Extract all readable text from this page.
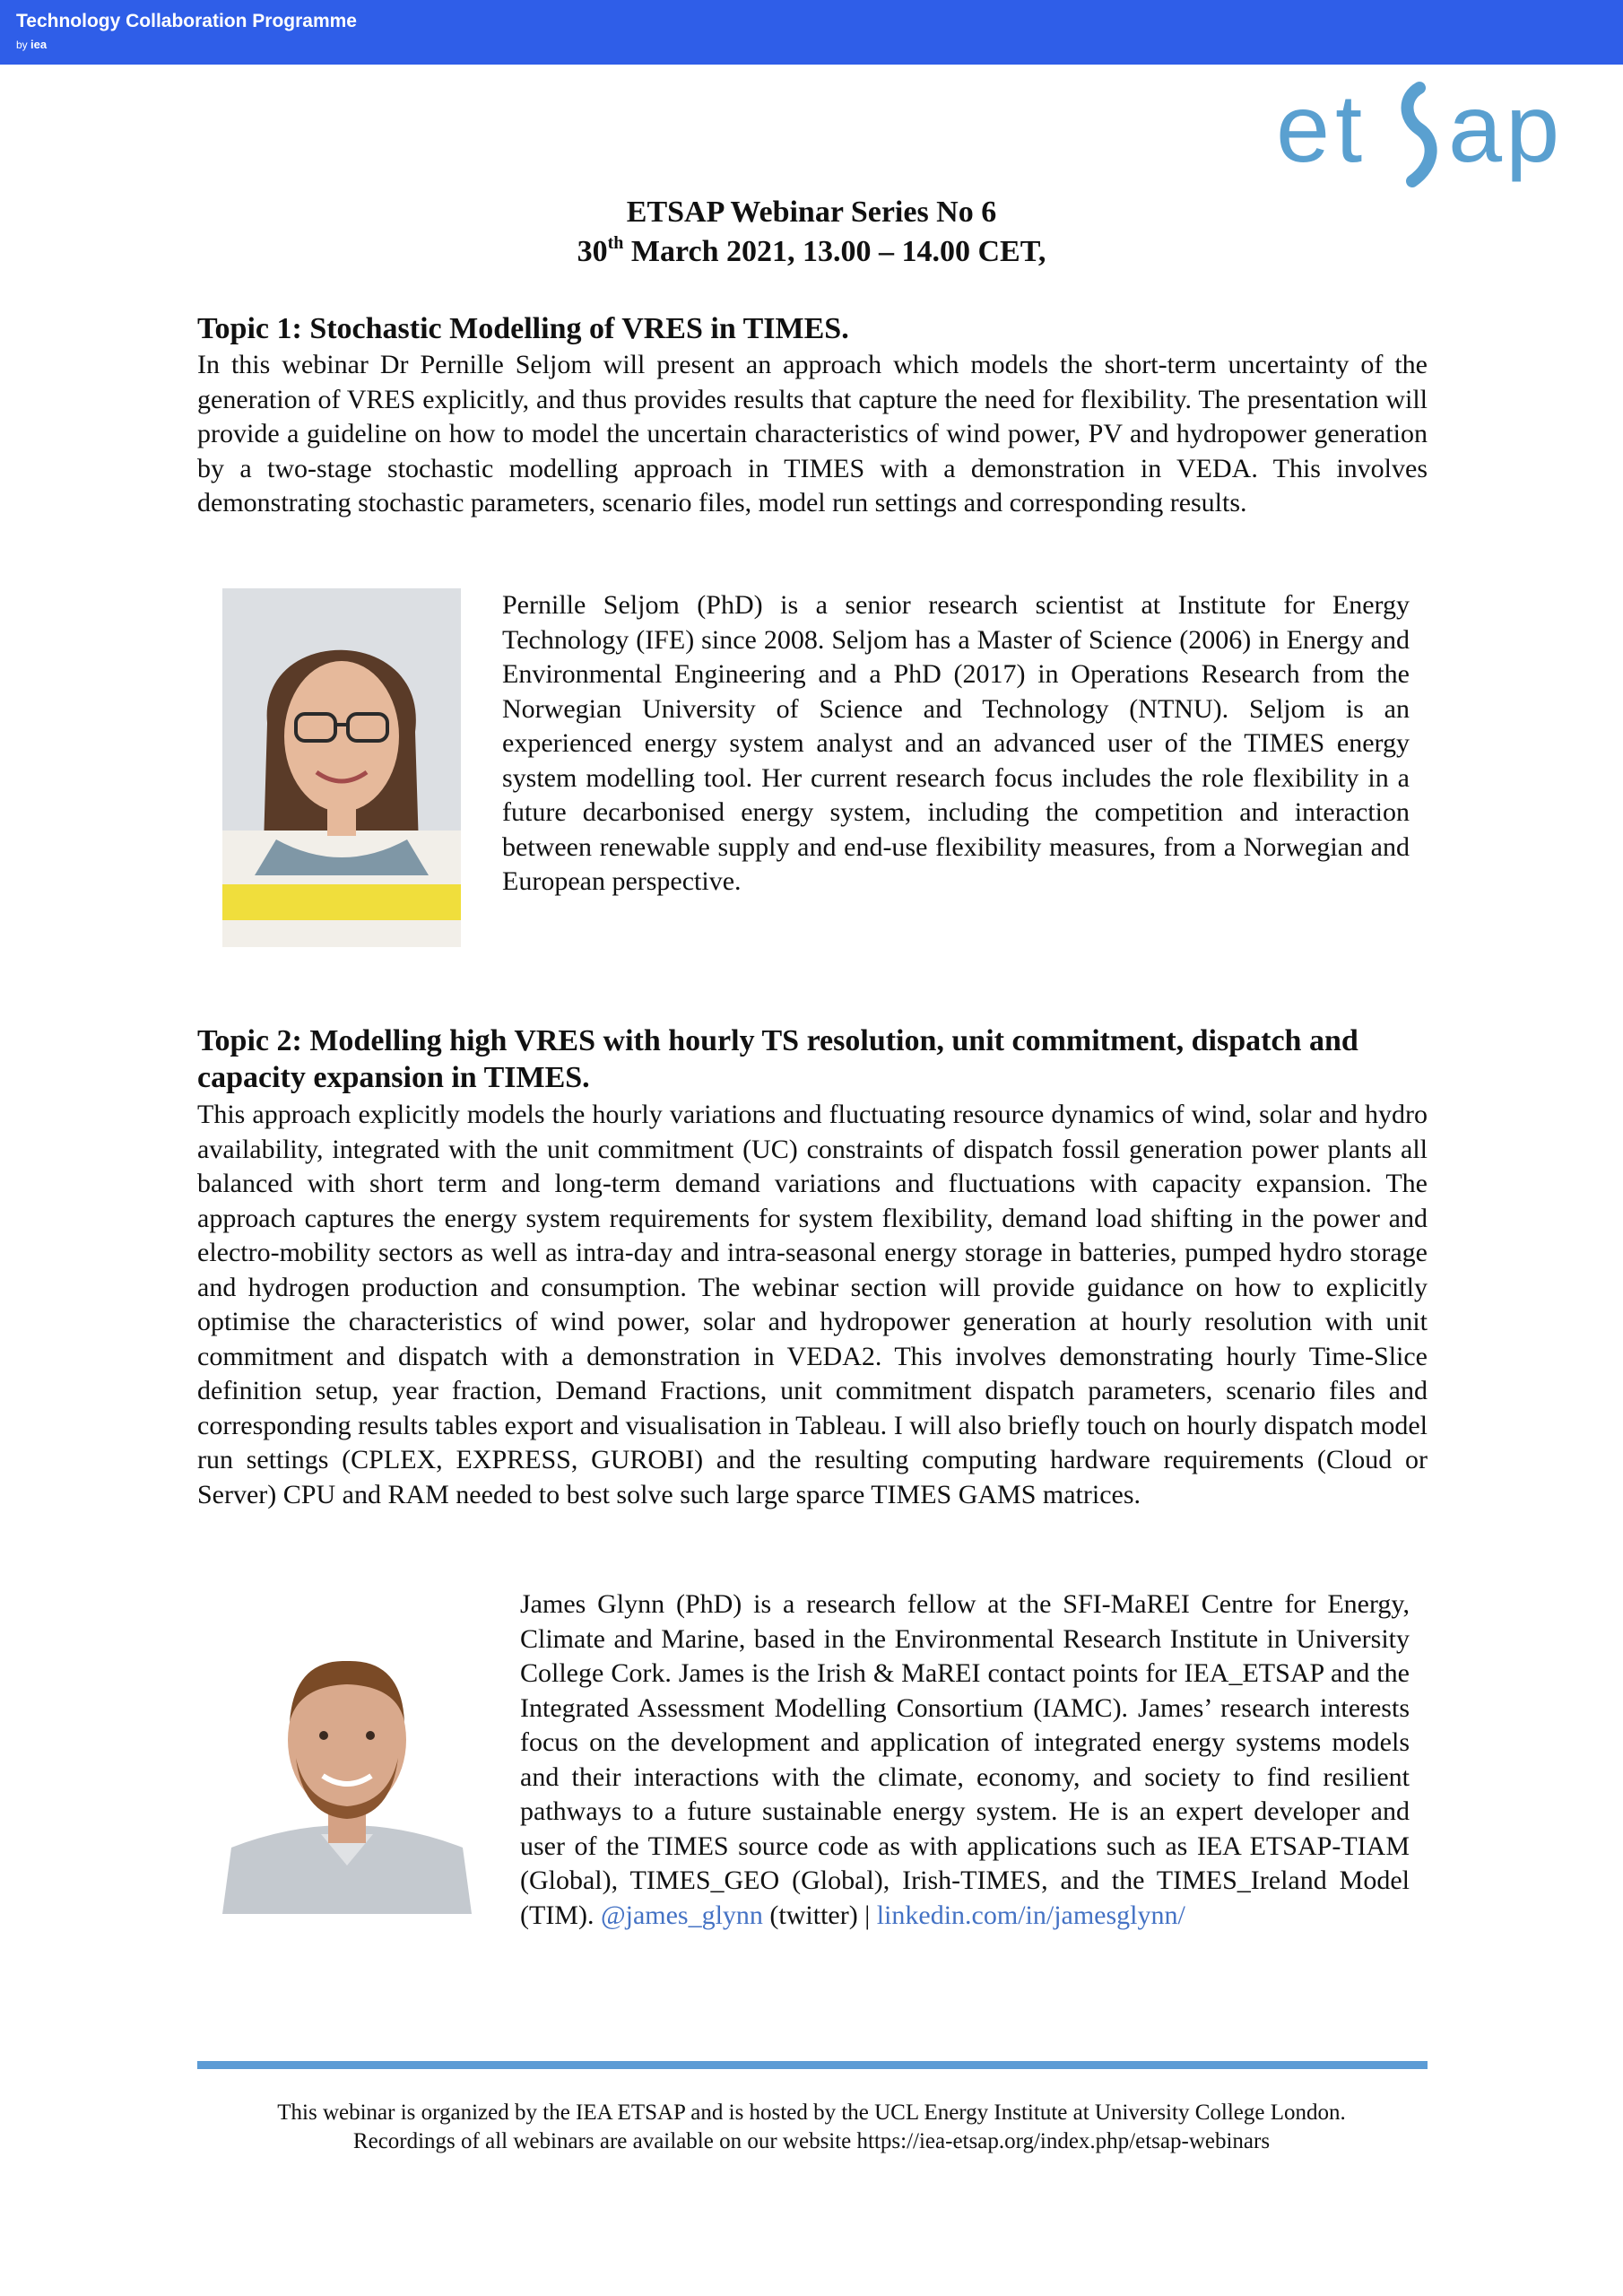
Technology Collaboration Programme
by iea
et ap
ETSAP Webinar Series No 6
30th March 2021, 13.00 – 14.00 CET,
Topic 1: Stochastic Modelling of VRES in TIMES.

In this webinar Dr Pernille Seljom will present an approach which models the short-term uncertainty of the generation of VRES explicitly, and thus provides results that capture the need for flexibility. The presentation will provide a guideline on how to model the uncertain characteristics of wind power, PV and hydropower generation by a two-stage stochastic modelling approach in TIMES with a demonstration in VEDA. This involves demonstrating stochastic parameters, scenario files, model run settings and corresponding results.

Pernille Seljom (PhD) is a senior research scientist at Institute for Energy Technology (IFE) since 2008. Seljom has a Master of Science (2006) in Energy and Environmental Engineering and a PhD (2017) in Operations Research from the Norwegian University of Science and Technology (NTNU). Seljom is an experienced energy system analyst and an advanced user of the TIMES energy system modelling tool. Her current research focus includes the role flexibility in a future decarbonised energy system, including the competition and interaction between renewable supply and end-use flexibility measures, from a Norwegian and European perspective.

Topic 2: Modelling high VRES with hourly TS resolution, unit commitment, dispatch and capacity expansion in TIMES.

This approach explicitly models the hourly variations and fluctuating resource dynamics of wind, solar and hydro availability, integrated with the unit commitment (UC) constraints of dispatch fossil generation power plants all balanced with short term and long-term demand variations and fluctuations with capacity expansion. The approach captures the energy system requirements for system flexibility, demand load shifting in the power and electro-mobility sectors as well as intra-day and intra-seasonal energy storage in batteries, pumped hydro storage and hydrogen production and consumption. The webinar section will provide guidance on how to explicitly optimise the characteristics of wind power, solar and hydropower generation at hourly resolution with unit commitment and dispatch with a demonstration in VEDA2. This involves demonstrating hourly Time-Slice definition setup, year fraction, Demand Fractions, unit commitment dispatch parameters, scenario files and corresponding results tables export and visualisation in Tableau. I will also briefly touch on hourly dispatch model run settings (CPLEX, EXPRESS, GUROBI) and the resulting computing hardware requirements (Cloud or Server) CPU and RAM needed to best solve such large sparce TIMES GAMS matrices.

James Glynn (PhD) is a research fellow at the SFI-MaREI Centre for Energy, Climate and Marine, based in the Environmental Research Institute in University College Cork. James is the Irish & MaREI contact points for IEA_ETSAP and the Integrated Assessment Modelling Consortium (IAMC). James’ research interests focus on the development and application of integrated energy systems models and their interactions with the climate, economy, and society to find resilient pathways to a future sustainable energy system. He is an expert developer and user of the TIMES source code as with applications such as IEA ETSAP-TIAM (Global), TIMES_GEO (Global), Irish-TIMES, and the TIMES_Ireland Model (TIM). @james_glynn (twitter) | linkedin.com/in/jamesglynn/

This webinar is organized by the IEA ETSAP and is hosted by the UCL Energy Institute at University College London.
Recordings of all webinars are available on our website https://iea-etsap.org/index.php/etsap-webinars
